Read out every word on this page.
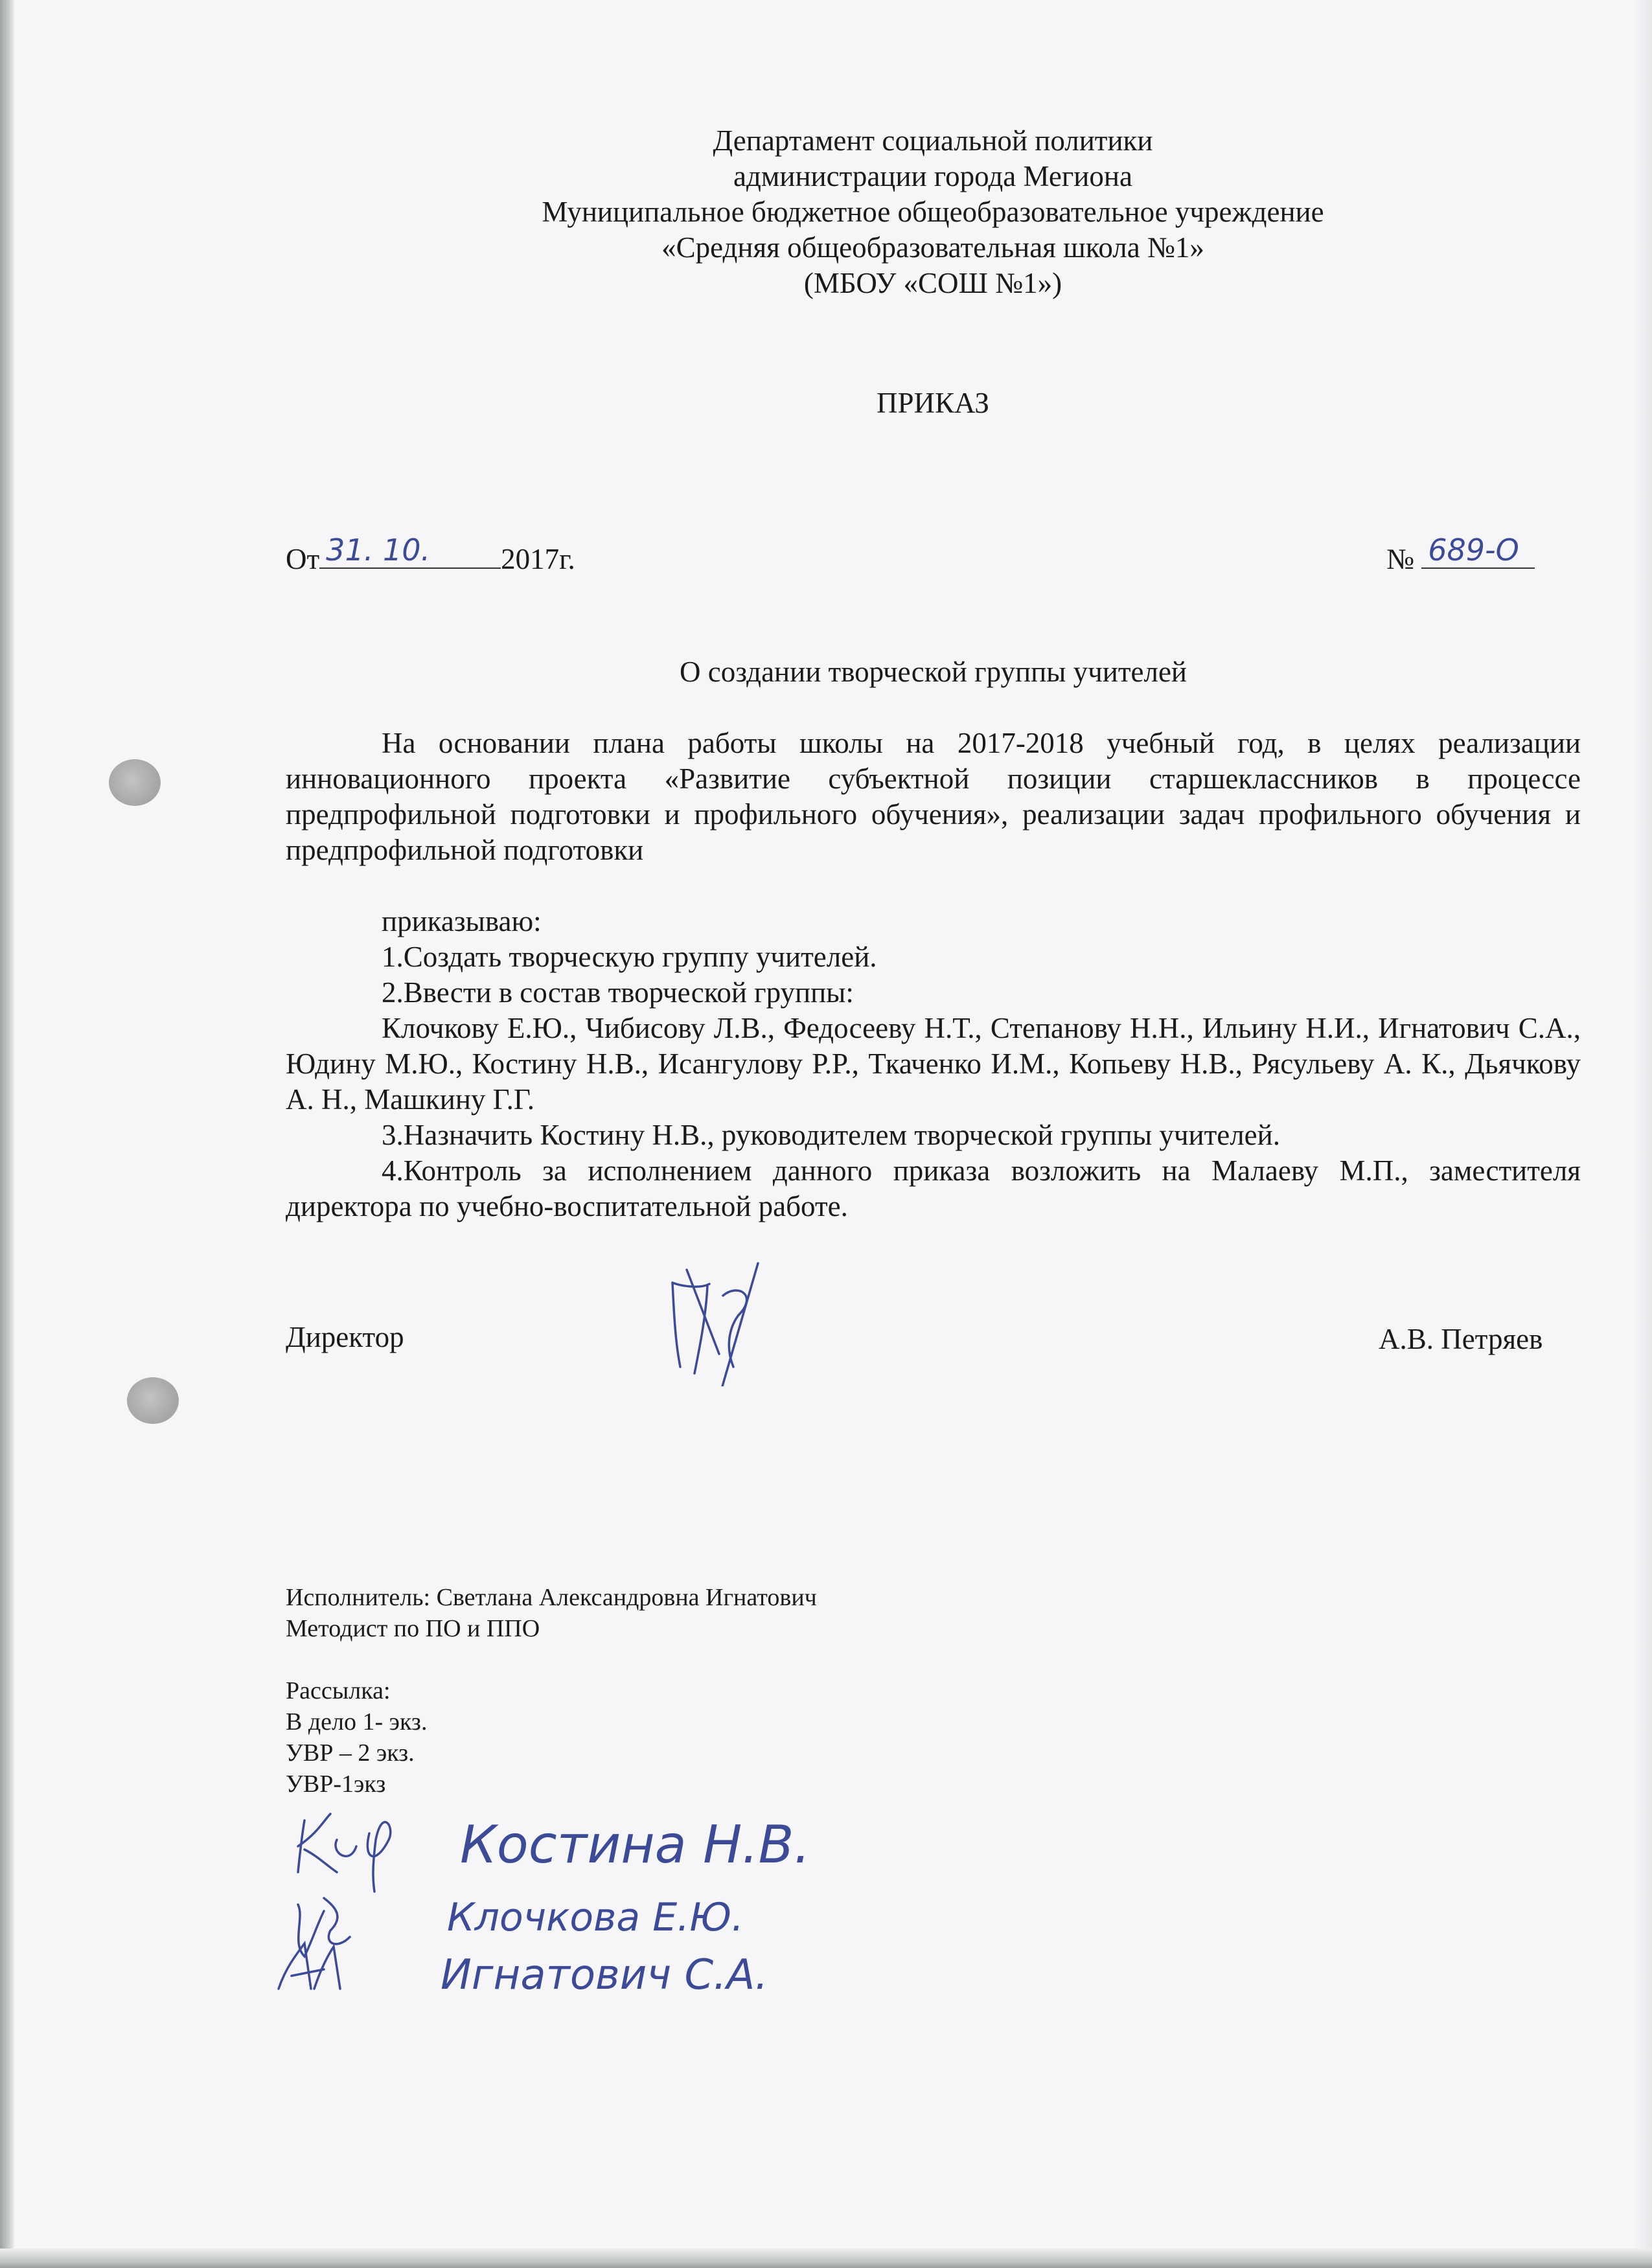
Департамент социальной политики
администрации города Мегиона
Муниципальное бюджетное общеобразовательное учреждение
«Средняя общеобразовательная школа №1»
(МБОУ «СОШ №1»)
ПРИКАЗ
От 31. 10. 2017г.	№ 689-О
О создании творческой группы учителей

На основании плана работы школы на 2017-2018 учебный год, в целях реализации инновационного проекта «Развитие субъектной позиции старшеклассников в процессе предпрофильной подготовки и профильного обучения», реализации задач профильного обучения и предпрофильной подготовки

приказываю:

1.Создать творческую группу учителей.

2.Ввести в состав творческой группы:

Клочкову Е.Ю., Чибисову Л.В., Федосееву Н.Т., Степанову Н.Н., Ильину Н.И., Игнатович С.А., Юдину М.Ю., Костину Н.В., Исангулову Р.Р., Ткаченко И.М., Копьеву Н.В., Рясульеву А. К., Дьячкову А. Н., Машкину Г.Г.

3.Назначить Костину Н.В., руководителем творческой группы учителей.

4.Контроль за исполнением данного приказа возложить на Малаеву М.П., заместителя директора по учебно-воспитательной работе.

Директор	А.В. Петряев
Исполнитель: Светлана Александровна Игнатович
Методист по ПО и ППО
Рассылка:
В дело 1- экз.
УВР – 2 экз.
УВР-1экз
Костина Н.В.
Клочкова Е.Ю.
Игнатович С.А.
